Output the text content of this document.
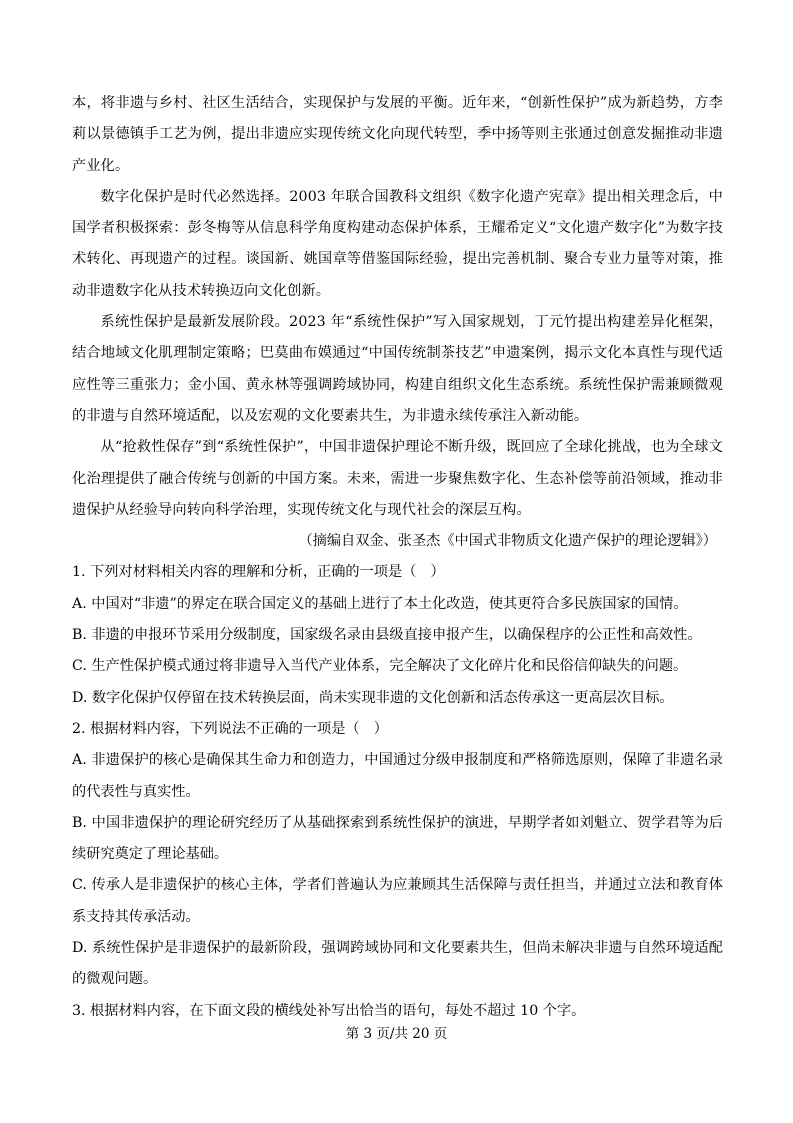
本，将非遗与乡村、社区生活结合，实现保护与发展的平衡。近年来，“创新性保护”成为新趋势，方李莉以景德镇手工艺为例，提出非遗应实现传统文化向现代转型，季中扬等则主张通过创意发掘推动非遗产业化。

数字化保护是时代必然选择。2003 年联合国教科文组织《数字化遗产宪章》提出相关理念后，中国学者积极探索：彭冬梅等从信息科学角度构建动态保护体系，王耀希定义“文化遗产数字化”为数字技术转化、再现遗产的过程。谈国新、姚国章等借鉴国际经验，提出完善机制、聚合专业力量等对策，推动非遗数字化从技术转换迈向文化创新。

系统性保护是最新发展阶段。2023 年“系统性保护”写入国家规划，丁元竹提出构建差异化框架，结合地域文化肌理制定策略；巴莫曲布嫫通过“中国传统制茶技艺”申遗案例，揭示文化本真性与现代适应性等三重张力；金小国、黄永林等强调跨域协同，构建自组织文化生态系统。系统性保护需兼顾微观的非遗与自然环境适配，以及宏观的文化要素共生，为非遗永续传承注入新动能。

从“抢救性保存”到“系统性保护”，中国非遗保护理论不断升级，既回应了全球化挑战，也为全球文化治理提供了融合传统与创新的中国方案。未来，需进一步聚焦数字化、生态补偿等前沿领域，推动非遗保护从经验导向转向科学治理，实现传统文化与现代社会的深层互构。

（摘编自双金、张圣杰《中国式非物质文化遗产保护的理论逻辑》）

1. 下列对材料相关内容的理解和分析，正确的一项是（　）

A. 中国对“非遗”的界定在联合国定义的基础上进行了本土化改造，使其更符合多民族国家的国情。

B. 非遗的申报环节采用分级制度，国家级名录由县级直接申报产生，以确保程序的公正性和高效性。

C. 生产性保护模式通过将非遗导入当代产业体系，完全解决了文化碎片化和民俗信仰缺失的问题。

D. 数字化保护仅停留在技术转换层面，尚未实现非遗的文化创新和活态传承这一更高层次目标。

2. 根据材料内容，下列说法不正确的一项是（　）

A. 非遗保护的核心是确保其生命力和创造力，中国通过分级申报制度和严格筛选原则，保障了非遗名录的代表性与真实性。

B. 中国非遗保护的理论研究经历了从基础探索到系统性保护的演进，早期学者如刘魁立、贺学君等为后续研究奠定了理论基础。

C. 传承人是非遗保护的核心主体，学者们普遍认为应兼顾其生活保障与责任担当，并通过立法和教育体系支持其传承活动。

D. 系统性保护是非遗保护的最新阶段，强调跨域协同和文化要素共生，但尚未解决非遗与自然环境适配的微观问题。

3. 根据材料内容，在下面文段的横线处补写出恰当的语句，每处不超过 10 个字。

第 3 页/共 20 页
